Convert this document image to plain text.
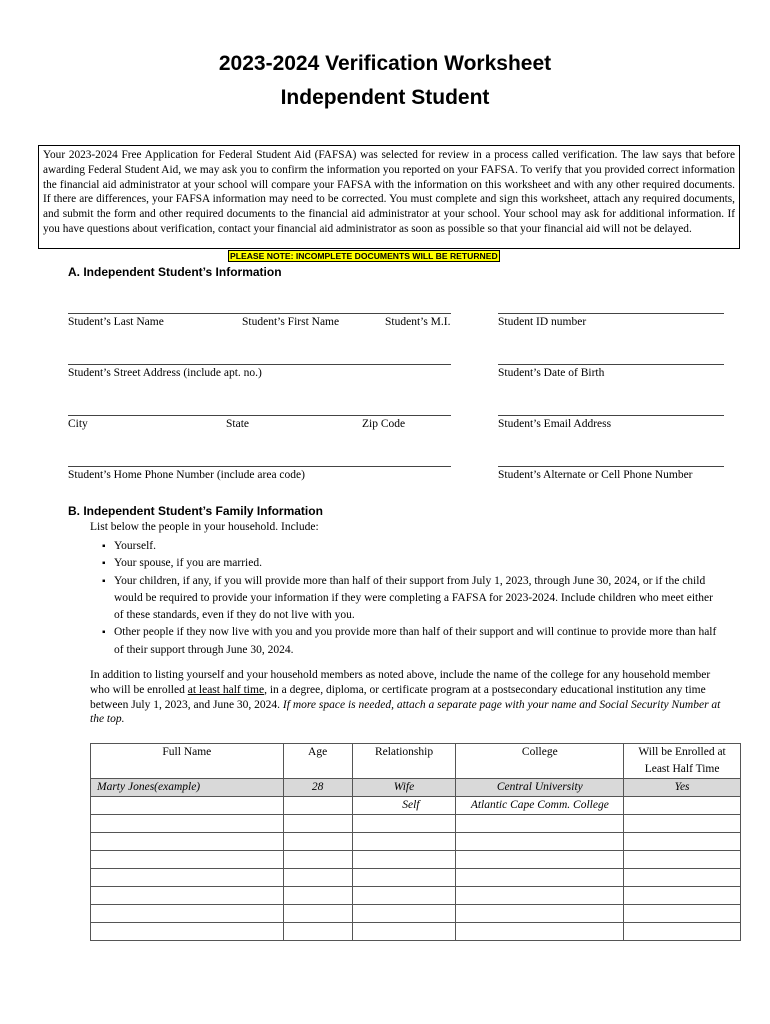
2023-2024 Verification Worksheet
Independent Student
Your 2023-2024 Free Application for Federal Student Aid (FAFSA) was selected for review in a process called verification. The law says that before awarding Federal Student Aid, we may ask you to confirm the information you reported on your FAFSA. To verify that you provided correct information the financial aid administrator at your school will compare your FAFSA with the information on this worksheet and with any other required documents. If there are differences, your FAFSA information may need to be corrected. You must complete and sign this worksheet, attach any required documents, and submit the form and other required documents to the financial aid administrator at your school. Your school may ask for additional information. If you have questions about verification, contact your financial aid administrator as soon as possible so that your financial aid will not be delayed.
PLEASE NOTE: INCOMPLETE DOCUMENTS WILL BE RETURNED
A. Independent Student’s Information
Student’s Last Name	Student’s First Name	Student’s M.I.	Student ID number
Student’s Street Address (include apt. no.)	Student’s Date of Birth
City	State	Zip Code	Student’s Email Address
Student’s Home Phone Number (include area code)	Student’s Alternate or Cell Phone Number
B. Independent Student’s Family Information
List below the people in your household. Include:
▪ Yourself.
▪ Your spouse, if you are married.
▪ Your children, if any, if you will provide more than half of their support from July 1, 2023, through June 30, 2024, or if the child would be required to provide your information if they were completing a FAFSA for 2023-2024. Include children who meet either of these standards, even if they do not live with you.
▪ Other people if they now live with you and you provide more than half of their support and will continue to provide more than half of their support through June 30, 2024.
In addition to listing yourself and your household members as noted above, include the name of the college for any household member who will be enrolled at least half time, in a degree, diploma, or certificate program at a postsecondary educational institution any time between July 1, 2023, and June 30, 2024. If more space is needed, attach a separate page with your name and Social Security Number at the top.
Full Name	Age	Relationship	College	Will be Enrolled at Least Half Time
Marty Jones(example)	28	Wife	Central University	Yes
		Self	Atlantic Cape Comm. College	
